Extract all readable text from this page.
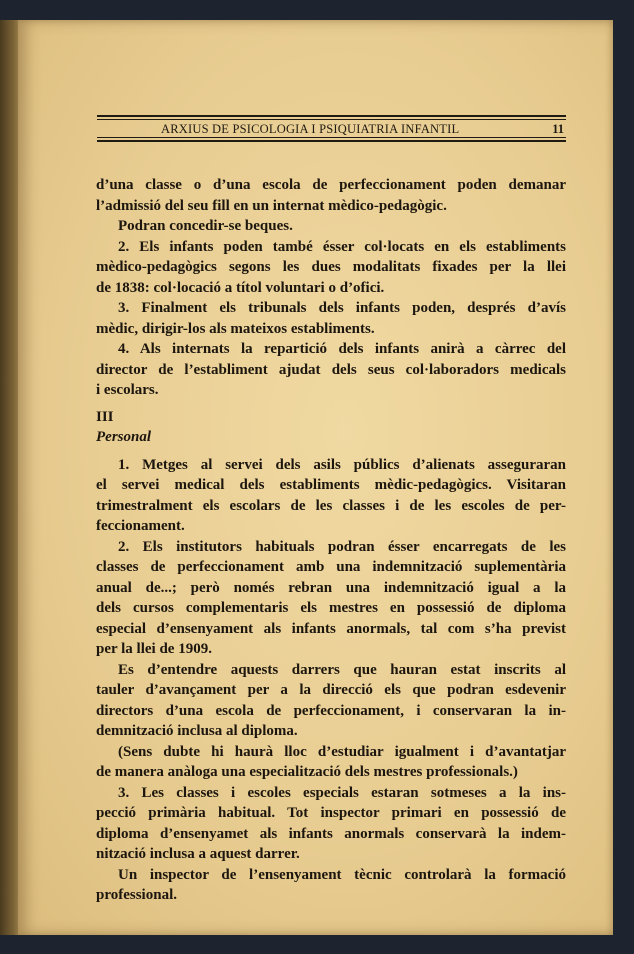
ARXIUS DE PSICOLOGIA I PSIQUIATRIA INFANTIL	11

d’una classe o d’una escola de perfeccionament poden demanar

l’admissió del seu fill en un internat mèdico-pedagògic.

Podran concedir-se beques.

2. Els infants poden també ésser col·locats en els establiments

mèdico-pedagògics segons les dues modalitats fixades per la llei

de 1838: col·locació a títol voluntari o d’ofici.

3. Finalment els tribunals dels infants poden, després d’avís

mèdic, dirigir-los als mateixos establiments.

4. Als internats la repartició dels infants anirà a càrrec del

director de l’establiment ajudat dels seus col·laboradors medicals

i escolars.

III

Personal

1. Metges al servei dels asils públics d’alienats asseguraran

el servei medical dels establiments mèdic-pedagògics. Visitaran

trimestralment els escolars de les classes i de les escoles de per-

feccionament.

2. Els institutors habituals podran ésser encarregats de les

classes de perfeccionament amb una indemnització suplementària

anual de...; però només rebran una indemnització igual a la

dels cursos complementaris els mestres en possessió de diploma

especial d’ensenyament als infants anormals, tal com s’ha previst

per la llei de 1909.

Es d’entendre aquests darrers que hauran estat inscrits al

tauler d’avançament per a la direcció els que podran esdevenir

directors d’una escola de perfeccionament, i conservaran la in-

demnització inclusa al diploma.

(Sens dubte hi haurà lloc d’estudiar igualment i d’avantatjar

de manera anàloga una especialització dels mestres professionals.)

3. Les classes i escoles especials estaran sotmeses a la ins-

pecció primària habitual. Tot inspector primari en possessió de

diploma d’ensenyamet als infants anormals conservarà la indem-

nització inclusa a aquest darrer.

Un inspector de l’ensenyament tècnic controlarà la formació

professional.
